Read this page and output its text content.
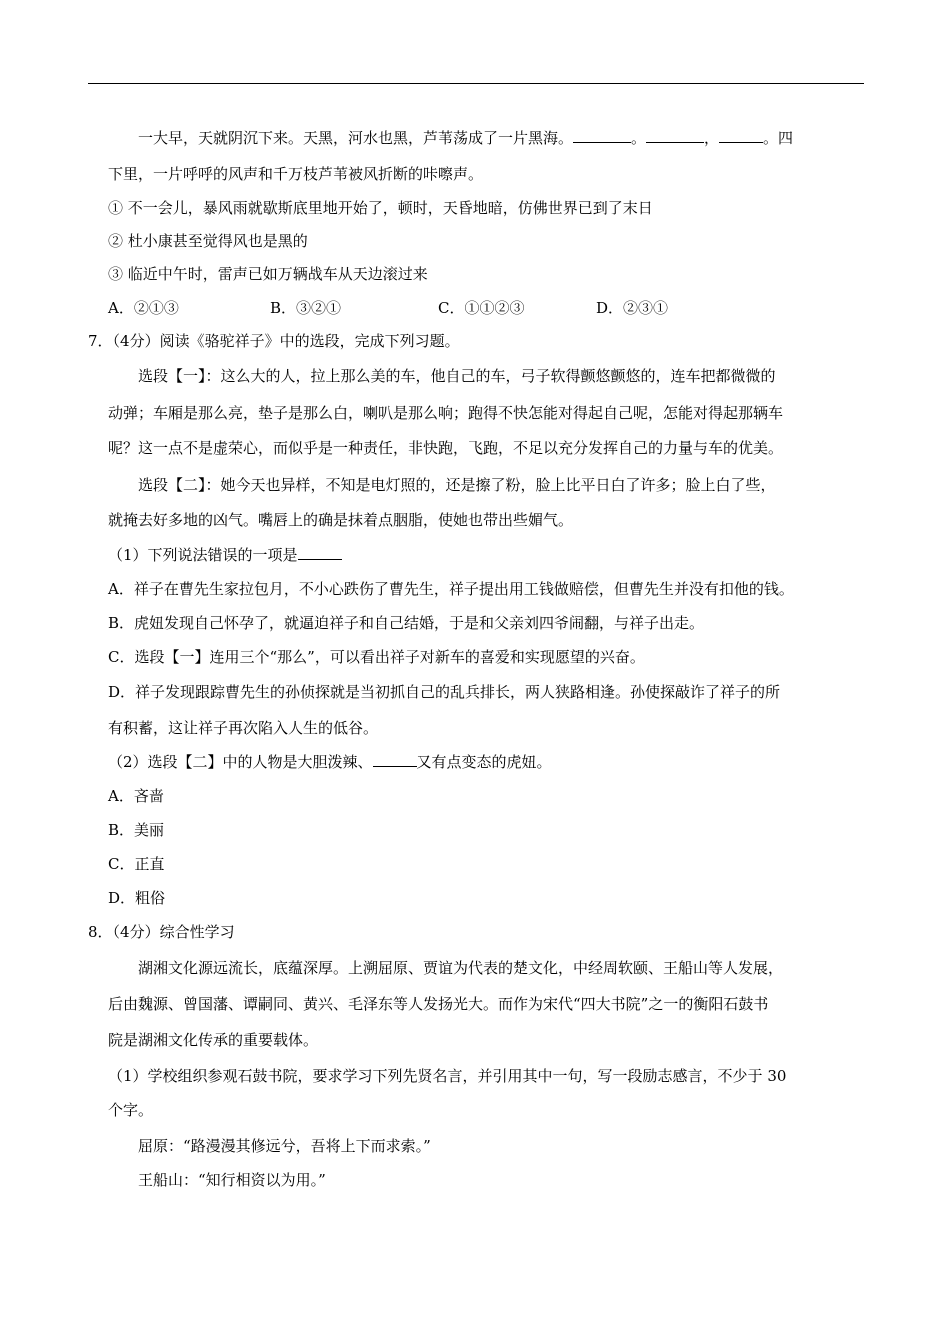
一大早，天就阴沉下来。天黑，河水也黑，芦苇荡成了一片黑海。	。	，	。四
下里，一片呼呼的风声和千万枝芦苇被风折断的咔嚓声。
① 不一会儿，暴风雨就歇斯底里地开始了，顿时，天昏地暗，仿佛世界已到了末日
② 杜小康甚至觉得风也是黑的
③ 临近中午时，雷声已如万辆战车从天边滚过来
A．②①③	B．③②①	C．①①②③	D．②③①
7．（4分）阅读《骆驼祥子》中的选段，完成下列习题。
选段【一】：这么大的人，拉上那么美的车，他自己的车，弓子软得颤悠颤悠的，连车把都微微的
动弹；车厢是那么亮，垫子是那么白，喇叭是那么响；跑得不快怎能对得起自己呢，怎能对得起那辆车
呢？这一点不是虚荣心，而似乎是一种责任，非快跑，飞跑，不足以充分发挥自己的力量与车的优美。
选段【二】：她今天也异样，不知是电灯照的，还是擦了粉，脸上比平日白了许多；脸上白了些，
就掩去好多地的凶气。嘴唇上的确是抹着点胭脂，使她也带出些媚气。
（1）下列说法错误的一项是
A．祥子在曹先生家拉包月，不小心跌伤了曹先生，祥子提出用工钱做赔偿，但曹先生并没有扣他的钱。
B．虎妞发现自己怀孕了，就逼迫祥子和自己结婚，于是和父亲刘四爷闹翻，与祥子出走。
C．选段【一】连用三个“那么”，可以看出祥子对新车的喜爱和实现愿望的兴奋。
D．祥子发现跟踪曹先生的孙侦探就是当初抓自己的乱兵排长，两人狭路相逢。孙使探敲诈了祥子的所
有积蓄，这让祥子再次陷入人生的低谷。
（2）选段【二】中的人物是大胆泼辣、	又有点变态的虎妞。
A．吝啬
B．美丽
C．正直
D．粗俗
8．（4分）综合性学习
湖湘文化源远流长，底蕴深厚。上溯屈原、贾谊为代表的楚文化，中经周软颐、王船山等人发展，
后由魏源、曾国藩、谭嗣同、黄兴、毛泽东等人发扬光大。而作为宋代“四大书院”之一的衡阳石鼓书
院是湖湘文化传承的重要载体。
（1）学校组织参观石鼓书院，要求学习下列先贤名言，并引用其中一句，写一段励志感言，不少于 30
个字。
屈原：“路漫漫其修远兮，吾将上下而求索。”
王船山：“知行相资以为用。”
